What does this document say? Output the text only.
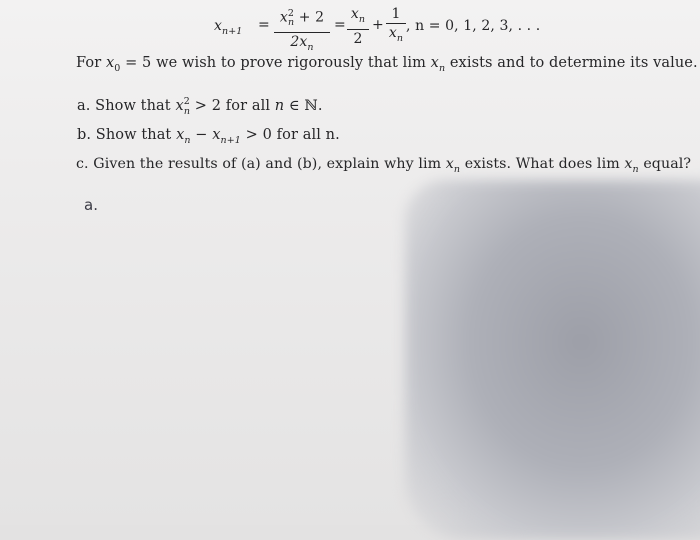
$x_{n+1} = x^2_n + 2$
$2x_n$
=
$x_n$
2
+
1
$x_n$
, n = 0, 1, 2, 3, . . .
For $x_0 = 5$ we wish to prove rigorously that $\lim x_n$ exists and to determine its value.
a. Show that $x^2_n > 2$ for all n ∈ ℕ.
b. Show that $x_n - x_{n+1} > 0$ for all n.
c. Given the results of (a) and (b), explain why $\lim x_n$ exists. What does $\lim x_n$ equal?
a.
